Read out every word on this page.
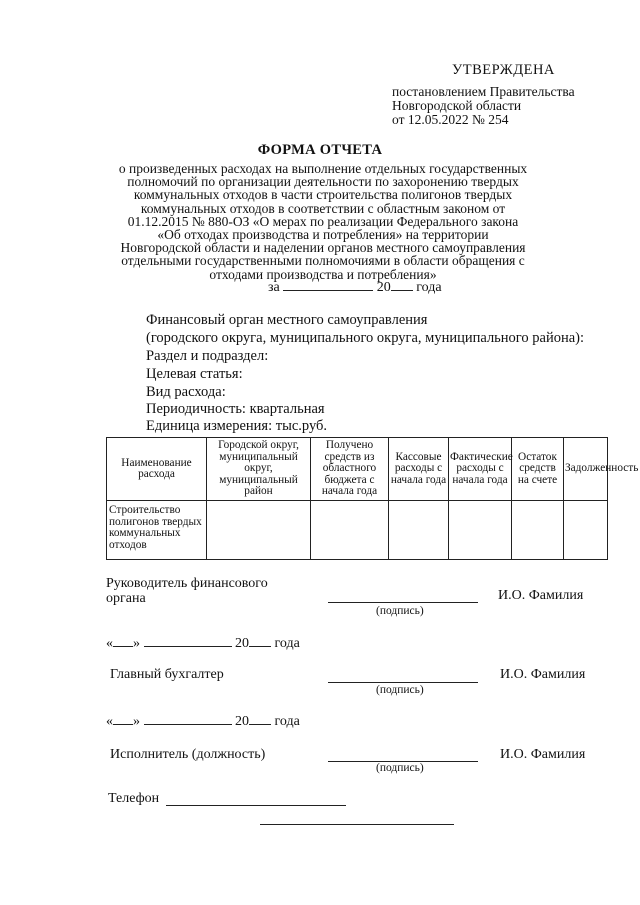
УТВЕРЖДЕНА
постановлением Правительства
Новгородской области
от 12.05.2022 № 254
ФОРМА ОТЧЕТА
о произведенных расходах на выполнение отдельных государственных полномочий по организации деятельности по захоронению твердых коммунальных отходов в части строительства полигонов твердых коммунальных отходов в соответствии с областным законом от 01.12.2015 № 880-ОЗ «О мерах по реализации Федерального закона «Об отходах производства и потребления» на территории Новгородской области и наделении органов местного самоуправления отдельными государственными полномочиями в области обращения с отходами производства и потребления»
за	20 года
Финансовый орган местного самоуправления
(городского округа, муниципального округа, муниципального района):
Раздел и подраздел:
Целевая статья:
Вид расхода:
Периодичность: квартальная
Единица измерения: тыс.руб.
Наименование расхода	Городской округ, муниципальный округ, муниципальный район	Получено средств из областного бюджета с начала года	Кассовые расходы с начала года	Фактические расходы с начала года	Остаток средств на счете	Задолженность
Строительство полигонов твердых коммунальных отходов						
Руководитель финансового органа	И.О. Фамилия
(подпись)
« »	20 года
Главный бухгалтер	И.О. Фамилия
(подпись)
« »	20 года
Исполнитель (должность)	И.О. Фамилия
(подпись)
Телефон
